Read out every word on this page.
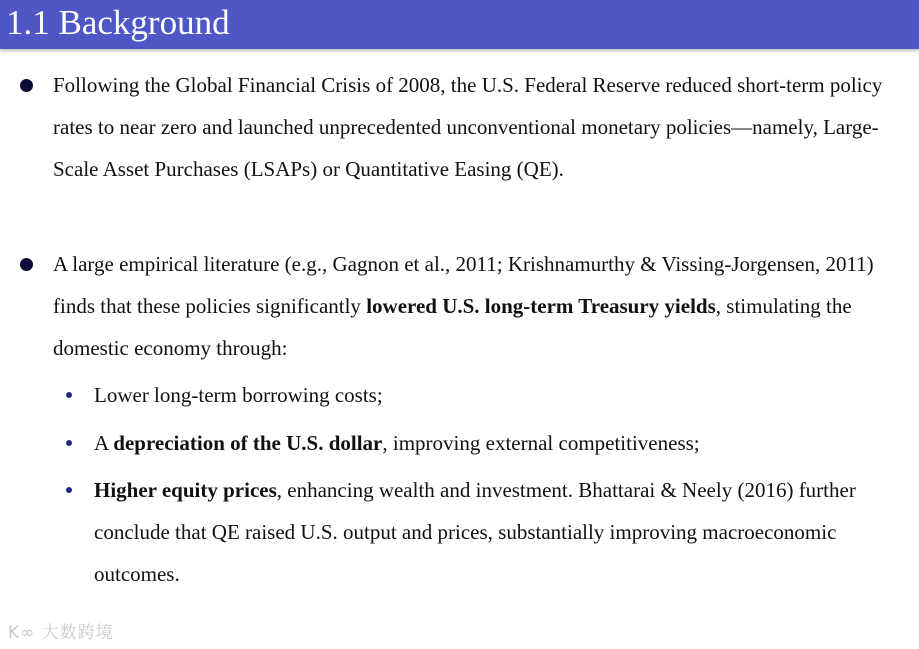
1.1 Background
Following the Global Financial Crisis of 2008, the U.S. Federal Reserve reduced short-term policy rates to near zero and launched unprecedented unconventional monetary policies—namely, Large-Scale Asset Purchases (LSAPs) or Quantitative Easing (QE).
A large empirical literature (e.g., Gagnon et al., 2011; Krishnamurthy & Vissing-Jorgensen, 2011) finds that these policies significantly lowered U.S. long-term Treasury yields, stimulating the domestic economy through:
Lower long-term borrowing costs;
A depreciation of the U.S. dollar, improving external competitiveness;
Higher equity prices, enhancing wealth and investment. Bhattarai & Neely (2016) further conclude that QE raised U.S. output and prices, substantially improving macroeconomic outcomes.
K∞ 大数跨境
